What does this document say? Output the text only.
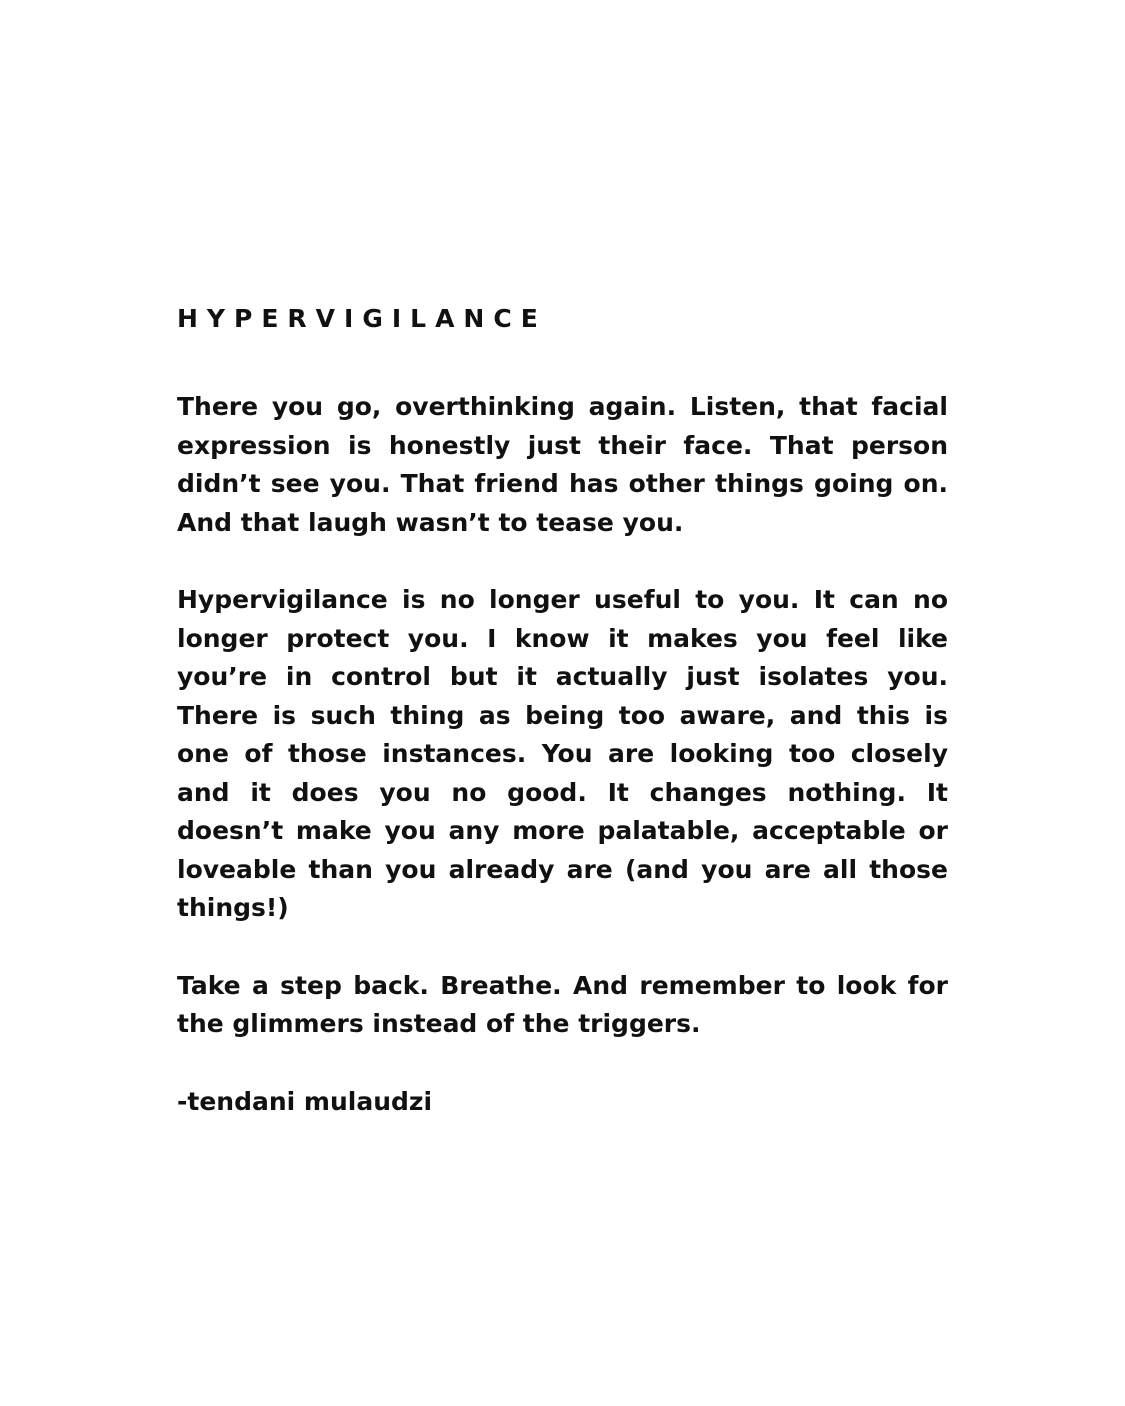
HYPERVIGILANCE

There you go, overthinking again. Listen, that facial expression is honestly just their face. That person didn’t see you. That friend has other things going on. And that laugh wasn’t to tease you.

Hypervigilance is no longer useful to you. It can no longer protect you. I know it makes you feel like you’re in control but it actually just isolates you. There is such thing as being too aware, and this is one of those instances. You are looking too closely and it does you no good. It changes nothing. It doesn’t make you any more palatable, acceptable or loveable than you already are (and you are all those things!)

Take a step back. Breathe. And remember to look for the glimmers instead of the triggers.

-tendani mulaudzi
